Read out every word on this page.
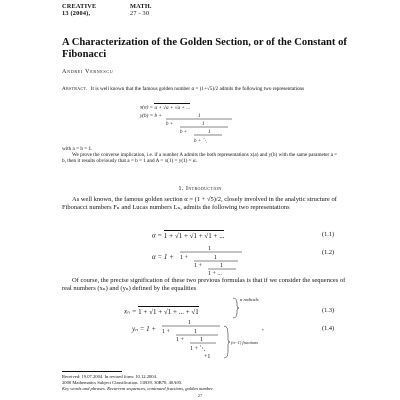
CREATIVE
13 (2004),
MATH.
27 - 30
A Characterization of the Golden Section, or of the Constant of Fibonacci
Andrei Vernescu
Abstract. It is well known that the famous golden number α = (1+√5)/2 admits the following two representations
x(a) = a + √a + √a + ...
y(b) = b +	1
b +	1
b +	1
b + ⋱
with a = b = 1.
We prove the converse implication, i.e. if a number A admits the both representations x(a) and y(b) with the same parameter a = b, then it results obviously that a = b = 1 and A = x(1) = y(1) = α.
1. Introduction
As well known, the famous golden section α = (1 + √5)/2, closely involved in the analytic structure of Fibonacci numbers Fₙ and Lucas numbers Lₙ, admits the following two representations
α = 1 + √1 + √1 + √1 + ...	(1.1)
α = 1 +
1
1 +	1
1 +	1
1 + ...
(1.2)
Of course, the precise signification of these two previous formulas is that if we consider the sequences of real numbers (xₙ) and (yₙ) defined by the equalities
xₙ = 1 + √1 + √1 + ... + √1
n radicals
(1.3)
yₙ = 1 +
1
1 +	1
1 +	1
1 + ⋱
+1
(n−1) fractions
,	(1.4)
Received: 19.07.2004. In revised form: 10.12.2004.
2000 Mathematics Subject Classification. 11B39, 30B70, 40A05.
Key words and phrases. Recurrent sequences, continued fractions, golden number.
27
